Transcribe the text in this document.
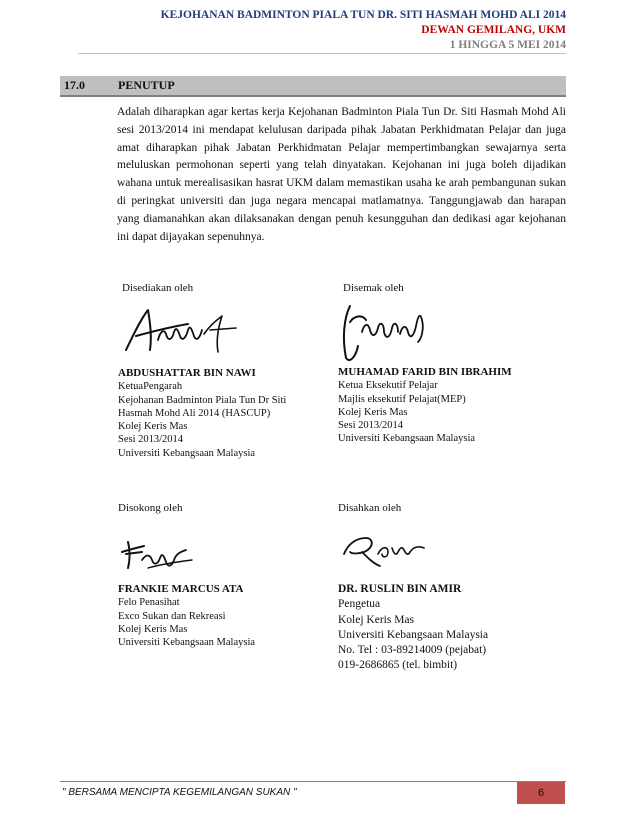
KEJOHANAN BADMINTON PIALA TUN DR. SITI HASMAH MOHD ALI 2014
DEWAN GEMILANG, UKM
1 HINGGA 5 MEI 2014
17.0	PENUTUP

Adalah diharapkan agar kertas kerja Kejohanan Badminton Piala Tun Dr. Siti Hasmah Mohd Ali sesi 2013/2014 ini mendapat kelulusan daripada pihak Jabatan Perkhidmatan Pelajar dan juga amat diharapkan pihak Jabatan Perkhidmatan Pelajar mempertimbangkan sewajarnya serta meluluskan permohonan seperti yang telah dinyatakan. Kejohanan ini juga boleh dijadikan wahana untuk merealisasikan hasrat UKM dalam memastikan usaha ke arah pembangunan sukan di peringkat universiti dan juga negara mencapai matlamatnya. Tanggungjawab dan harapan yang diamanahkan akan dilaksanakan dengan penuh kesungguhan dan dedikasi agar kejohanan ini dapat dijayakan sepenuhnya.

Disediakan oleh
ABDUSHATTAR BIN NAWI
KetuaPengarah
Kejohanan Badminton Piala Tun Dr Siti
Hasmah Mohd Ali 2014 (HASCUP)
Kolej Keris Mas
Sesi 2013/2014
Universiti Kebangsaan Malaysia
Disemak oleh
MUHAMAD FARID BIN IBRAHIM
Ketua Eksekutif Pelajar
Majlis eksekutif Pelajat(MEP)
Kolej Keris Mas
Sesi 2013/2014
Universiti Kebangsaan Malaysia
Disokong oleh
FRANKIE MARCUS ATA
Felo Penasihat
Exco Sukan dan Rekreasi
Kolej Keris Mas
Universiti Kebangsaan Malaysia
Disahkan oleh
DR. RUSLIN BIN AMIR
Pengetua
Kolej Keris Mas
Universiti Kebangsaan Malaysia
No. Tel : 03-89214009 (pejabat)
019-2686865 (tel. bimbit)
" BERSAMA MENCIPTA KEGEMILANGAN SUKAN "	6
